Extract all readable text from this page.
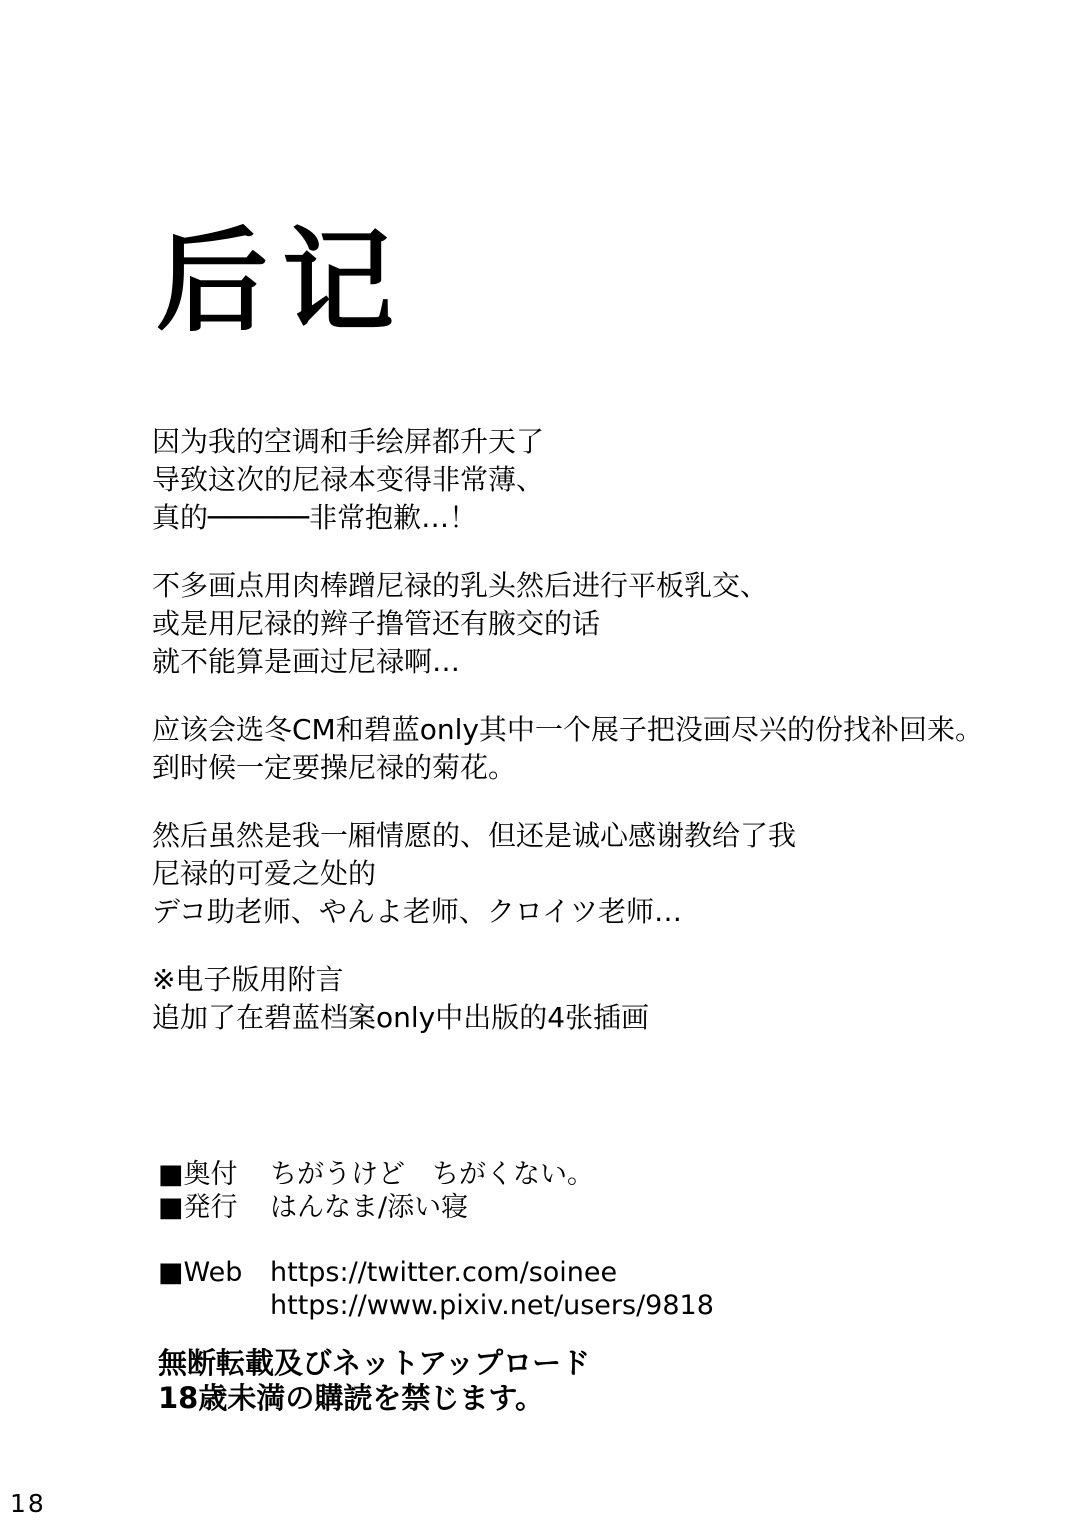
后记
因为我的空调和手绘屏都升天了
导致这次的尼禄本变得非常薄、
真的──────非常抱歉…！
不多画点用肉棒蹭尼禄的乳头然后进行平板乳交、
或是用尼禄的辫子撸管还有腋交的话
就不能算是画过尼禄啊…
应该会选冬CM和碧蓝only其中一个展子把没画尽兴的份找补回来。
到时候一定要操尼禄的菊花。
然后虽然是我一厢情愿的、但还是诚心感谢教给了我
尼禄的可爱之处的
デコ助老师、やんよ老师、クロイツ老师…
※电子版用附言
追加了在碧蓝档案only中出版的4张插画
■奥付	ちがうけど　ちがくない。
■発行	はんなま/添い寝
■Web	https://twitter.com/soinee
https://www.pixiv.net/users/9818
無断転載及びネットアップロード
18歳未満の購読を禁じます。
18
